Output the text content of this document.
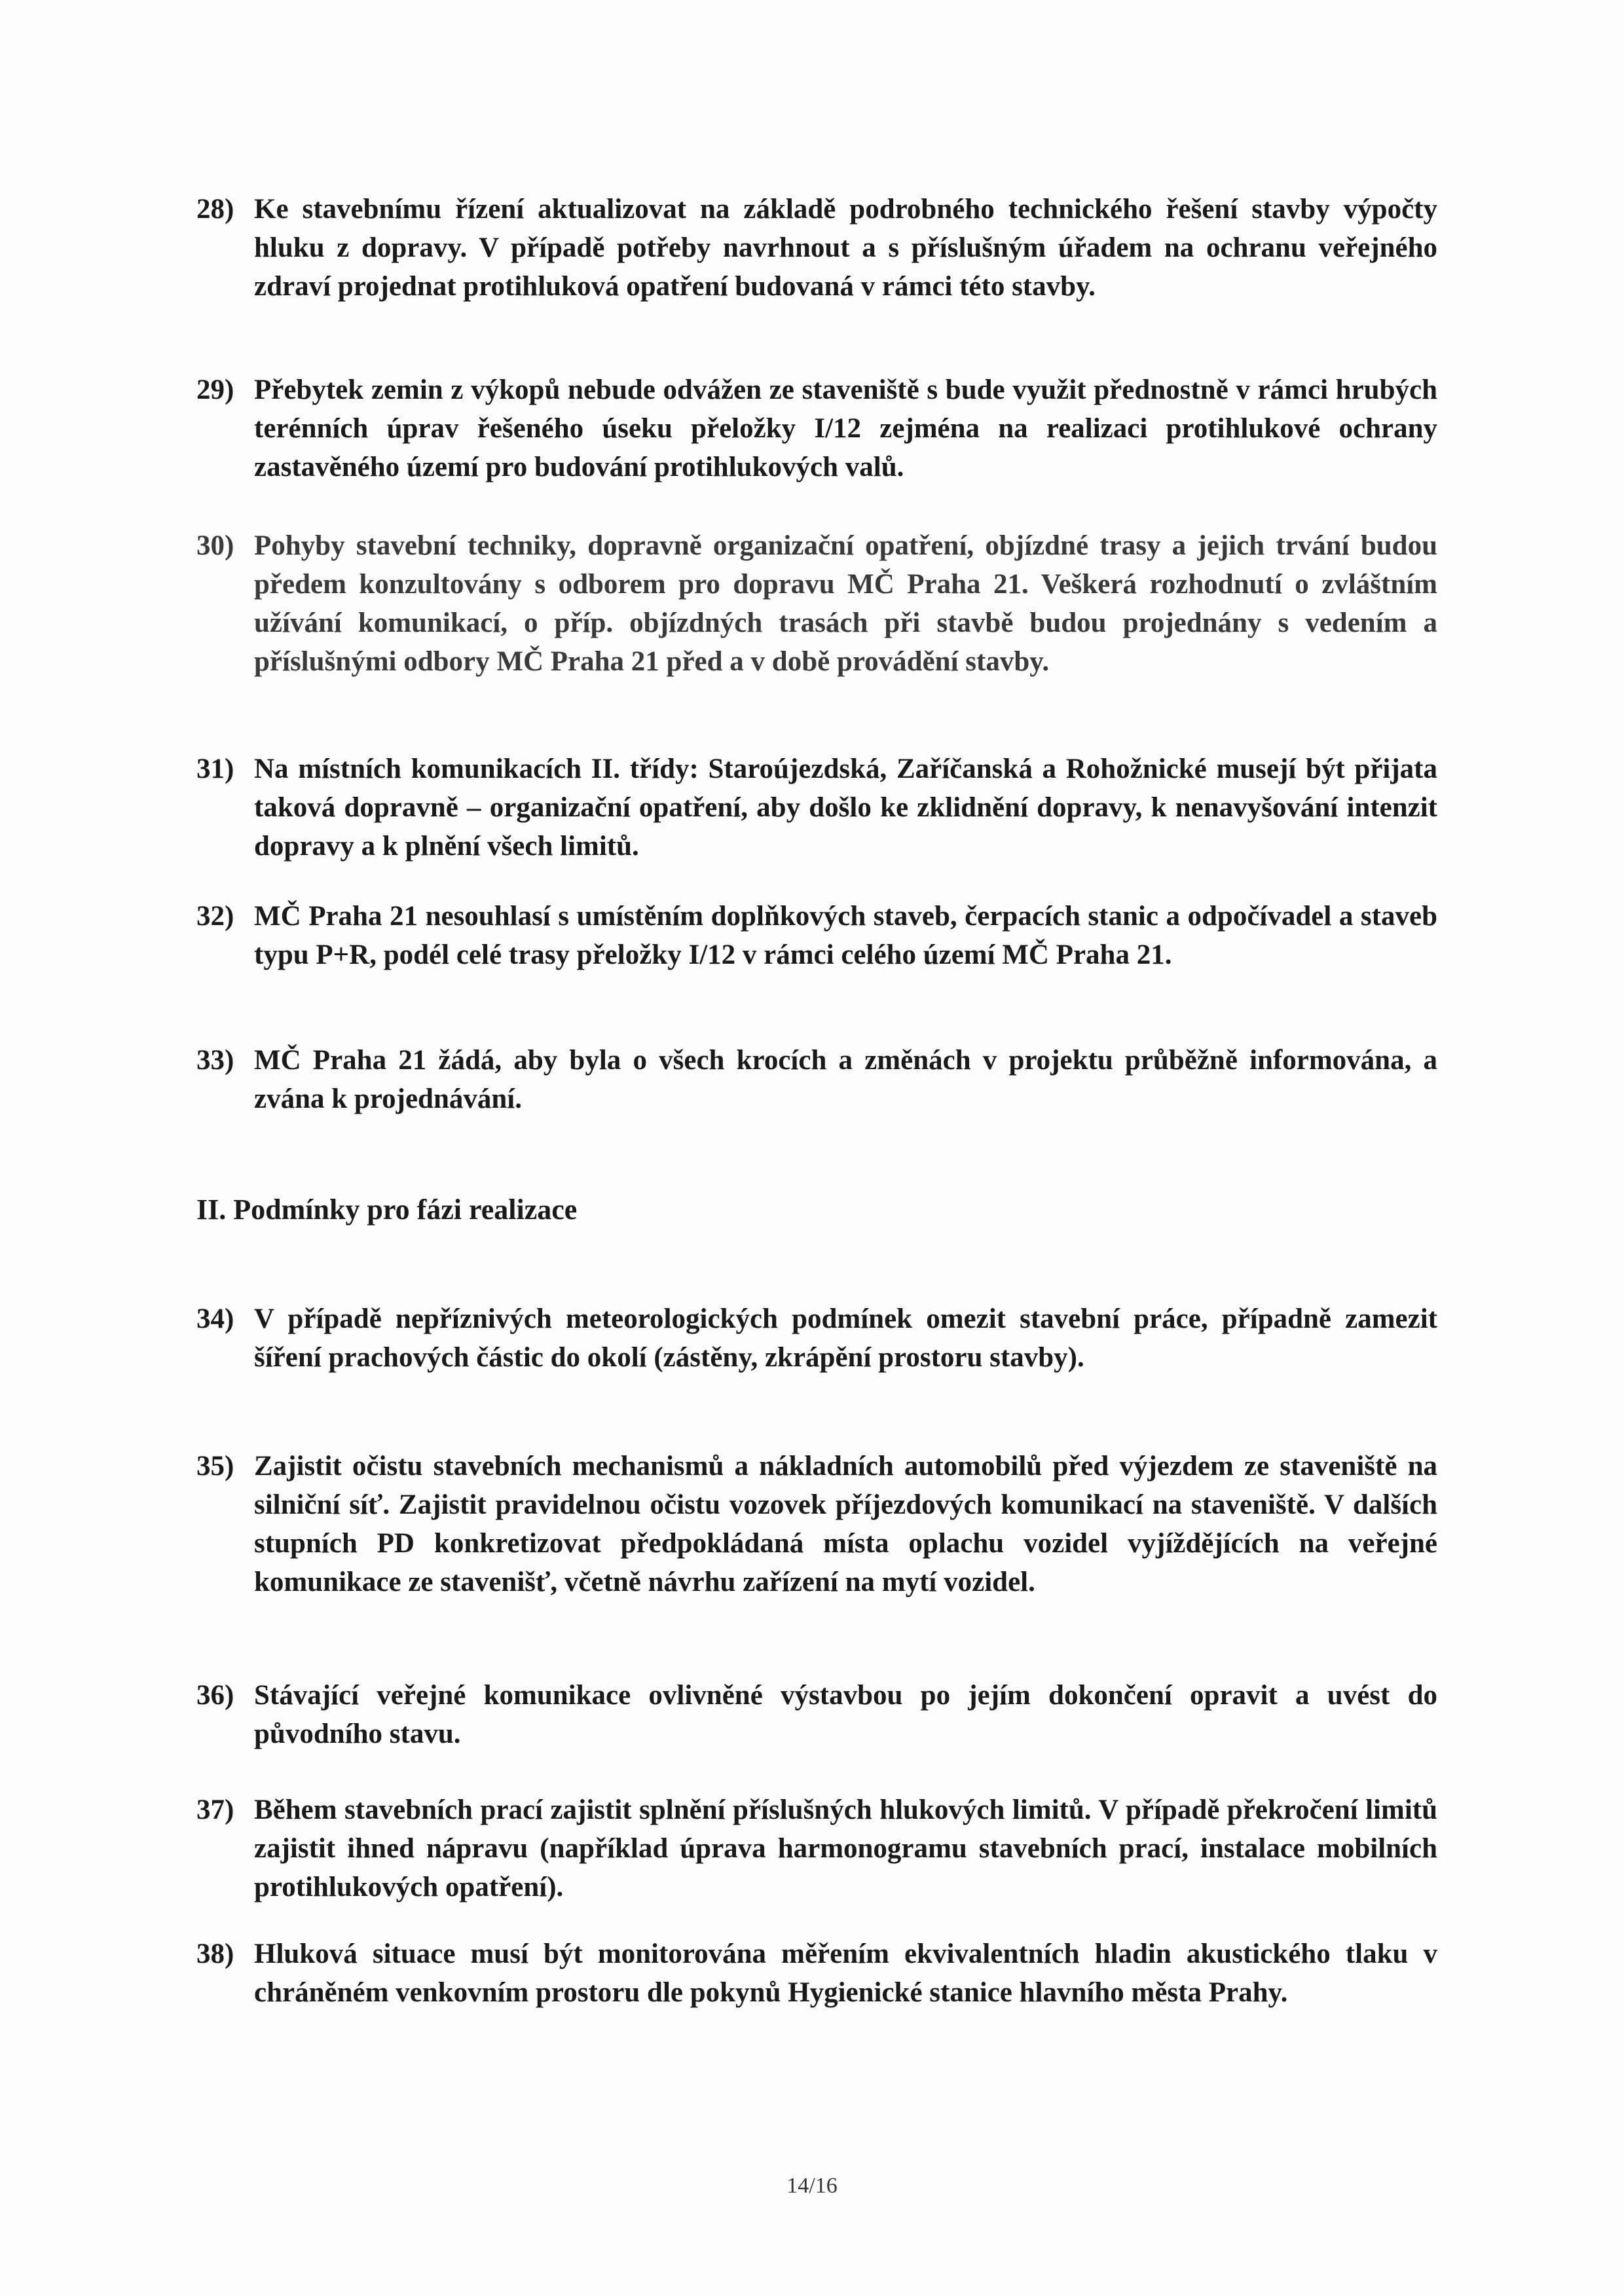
28) Ke stavebnímu řízení aktualizovat na základě podrobného technického řešení stavby výpočty hluku z dopravy. V případě potřeby navrhnout a s příslušným úřadem na ochranu veřejného zdraví projednat protihluková opatření budovaná v rámci této stavby.
29) Přebytek zemin z výkopů nebude odvážen ze staveniště s bude využit přednostně v rámci hrubých terénních úprav řešeného úseku přeložky I/12 zejména na realizaci protihlukové ochrany zastavěného území pro budování protihlukových valů.
30) Pohyby stavební techniky, dopravně organizační opatření, objízdné trasy a jejich trvání budou předem konzultovány s odborem pro dopravu MČ Praha 21. Veškerá rozhodnutí o zvláštním užívání komunikací, o příp. objízdných trasách při stavbě budou projednány s vedením a příslušnými odbory MČ Praha 21 před a v době provádění stavby.
31) Na místních komunikacích II. třídy: Staroújezdská, Zaříčanská a Rohožnické musejí být přijata taková dopravně – organizační opatření, aby došlo ke zklidnění dopravy, k nenavyšování intenzit dopravy a k plnění všech limitů.
32) MČ Praha 21 nesouhlasí s umístěním doplňkových staveb, čerpacích stanic a odpočívadel a staveb typu P+R, podél celé trasy přeložky I/12 v rámci celého území MČ Praha 21.
33) MČ Praha 21 žádá, aby byla o všech krocích a změnách v projektu průběžně informována, a zvána k projednávání.
II. Podmínky pro fázi realizace
34) V případě nepříznivých meteorologických podmínek omezit stavební práce, případně zamezit šíření prachových částic do okolí (zástěny, zkrápění prostoru stavby).
35) Zajistit očistu stavebních mechanismů a nákladních automobilů před výjezdem ze staveniště na silniční síť. Zajistit pravidelnou očistu vozovek příjezdových komunikací na staveniště. V dalších stupních PD konkretizovat předpokládaná místa oplachu vozidel vyjíždějících na veřejné komunikace ze stavenišť, včetně návrhu zařízení na mytí vozidel.
36) Stávající veřejné komunikace ovlivněné výstavbou po jejím dokončení opravit a uvést do původního stavu.
37) Během stavebních prací zajistit splnění příslušných hlukových limitů. V případě překročení limitů zajistit ihned nápravu (například úprava harmonogramu stavebních prací, instalace mobilních protihlukových opatření).
38) Hluková situace musí být monitorována měřením ekvivalentních hladin akustického tlaku v chráněném venkovním prostoru dle pokynů Hygienické stanice hlavního města Prahy.
14/16
